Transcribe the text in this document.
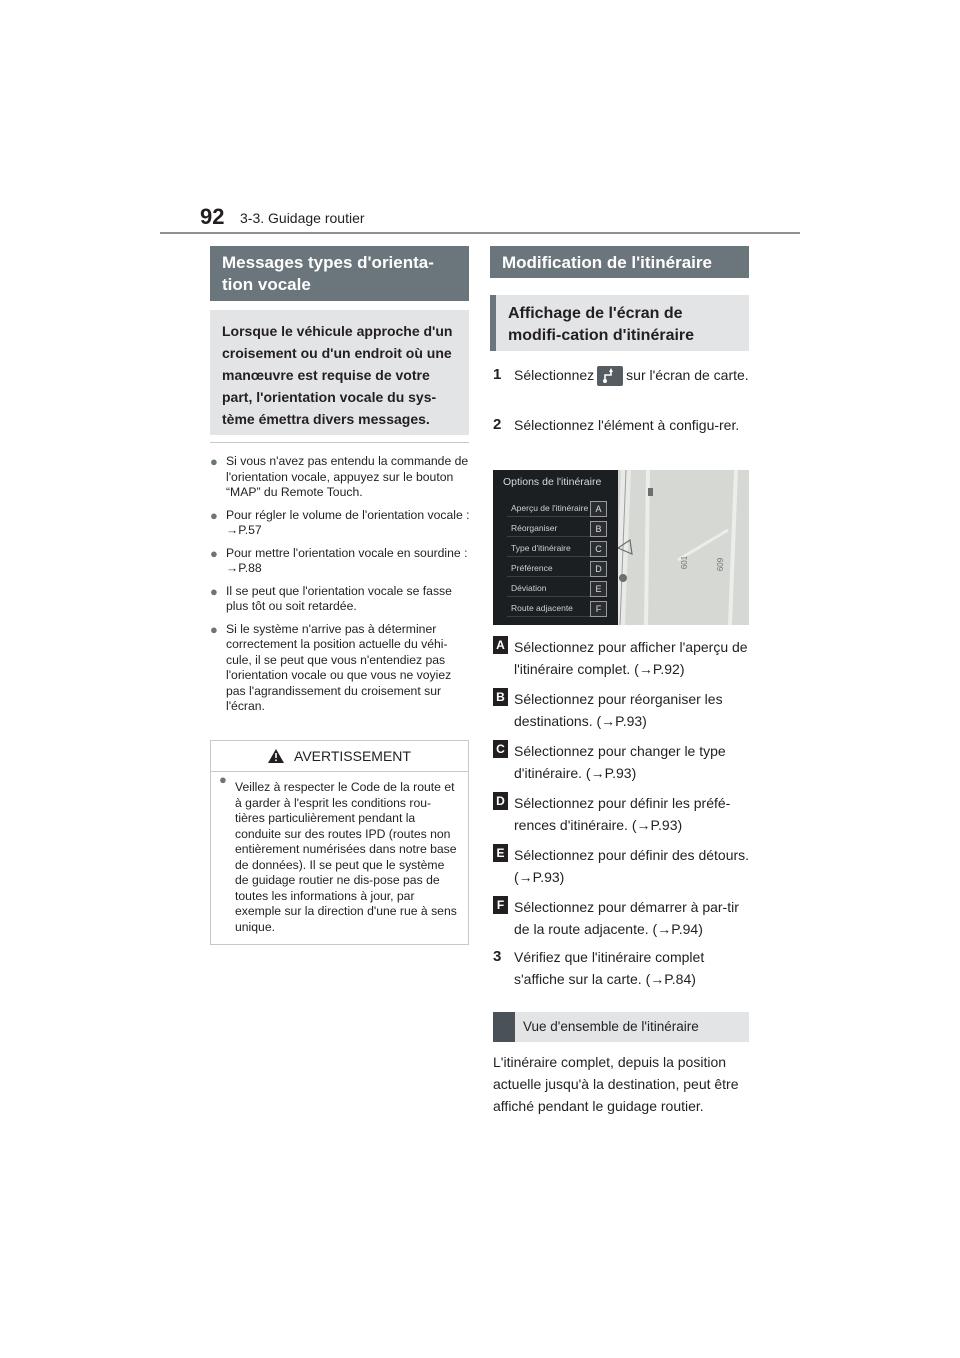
92 3-3. Guidage routier
Messages types d'orienta-tion vocale
Lorsque le véhicule approche d'un croisement ou d'un endroit où une manœuvre est requise de votre part, l'orientation vocale du sys-tème émettra divers messages.
● Si vous n'avez pas entendu la commande de l'orientation vocale, appuyez sur le bouton “MAP” du Remote Touch.
● Pour régler le volume de l'orientation vocale : →P.57
● Pour mettre l'orientation vocale en sourdine : →P.88
● Il se peut que l'orientation vocale se fasse plus tôt ou soit retardée.
● Si le système n'arrive pas à déterminer correctement la position actuelle du véhi-cule, il se peut que vous n'entendiez pas l'orientation vocale ou que vous ne voyiez pas l'agrandissement du croisement sur l'écran.
AVERTISSEMENT
● Veillez à respecter le Code de la route et à garder à l'esprit les conditions rou-tières particulièrement pendant la conduite sur des routes IPD (routes non entièrement numérisées dans notre base de données). Il se peut que le système de guidage routier ne dis-pose pas de toutes les informations à jour, par exemple sur la direction d'une rue à sens unique.
Modification de l'itinéraire
Affichage de l'écran de modifi-cation d'itinéraire
1 Sélectionnez sur l'écran de carte.
2 Sélectionnez l'élément à configu-rer.
Options de l'itinéraire
Aperçu de l'itinéraire A
Réorganiser	B
Type d'itinéraire	C
Préférence	D
Déviation	E
Route adjacente	F
601	609
A Sélectionnez pour afficher l'aperçu de l'itinéraire complet. (→P.92)
B Sélectionnez pour réorganiser les destinations. (→P.93)
C Sélectionnez pour changer le type d'itinéraire. (→P.93)
D Sélectionnez pour définir les préfé-rences d'itinéraire. (→P.93)
E Sélectionnez pour définir des détours. (→P.93)
F Sélectionnez pour démarrer à par-tir de la route adjacente. (→P.94)
3 Vérifiez que l'itinéraire complet s'affiche sur la carte. (→P.84)
Vue d'ensemble de l'itinéraire
L'itinéraire complet, depuis la position actuelle jusqu'à la destination, peut être affiché pendant le guidage routier.
